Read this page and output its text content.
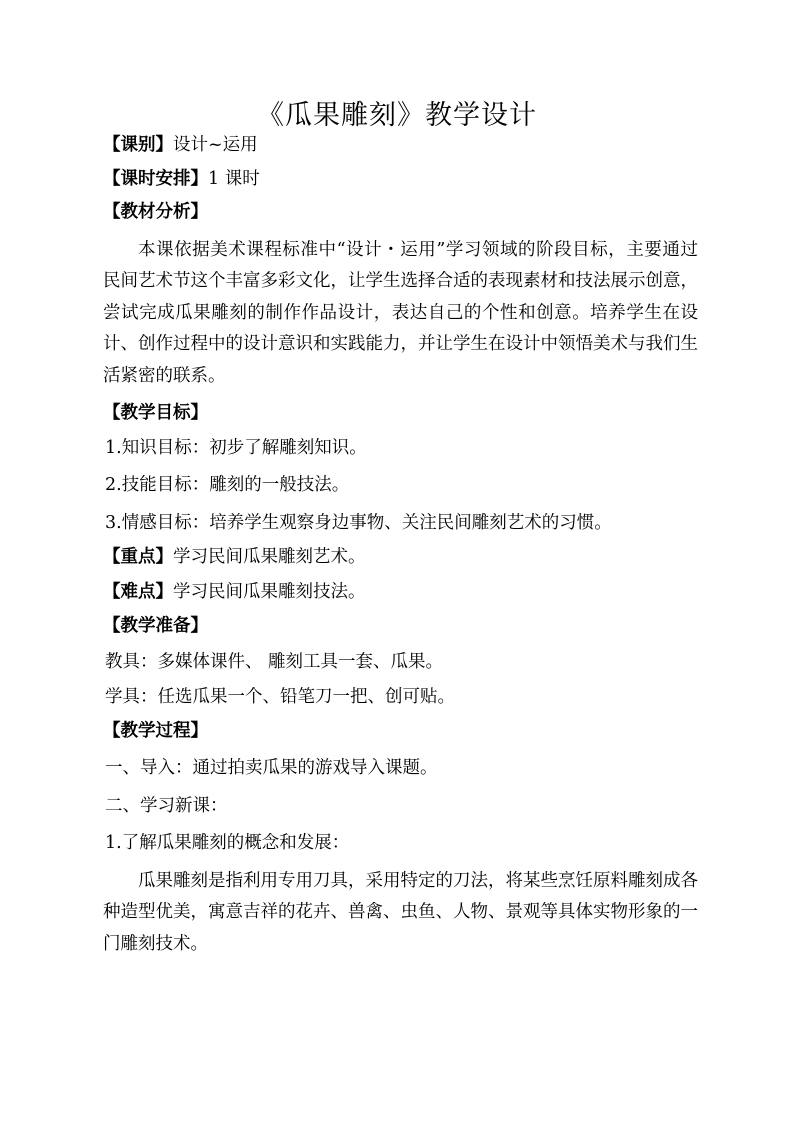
《瓜果雕刻》教学设计
【课别】设计~运用
【课时安排】1 课时
【教材分析】

本课依据美术课程标准中“设计・运用”学习领域的阶段目标，主要通过民间艺术节这个丰富多彩文化，让学生选择合适的表现素材和技法展示创意，尝试完成瓜果雕刻的制作作品设计，表达自己的个性和创意。培养学生在设计、创作过程中的设计意识和实践能力，并让学生在设计中领悟美术与我们生活紧密的联系。

【教学目标】
1.知识目标：初步了解雕刻知识。
2.技能目标：雕刻的一般技法。
3.情感目标：培养学生观察身边事物、关注民间雕刻艺术的习惯。
【重点】学习民间瓜果雕刻艺术。
【难点】学习民间瓜果雕刻技法。
【教学准备】
教具：多媒体课件、 雕刻工具一套、瓜果。
学具：任选瓜果一个、铅笔刀一把、创可贴。
【教学过程】
一、导入：通过拍卖瓜果的游戏导入课题。
二、学习新课：
1.了解瓜果雕刻的概念和发展：

瓜果雕刻是指利用专用刀具，采用特定的刀法，将某些烹饪原料雕刻成各种造型优美，寓意吉祥的花卉、兽禽、虫鱼、人物、景观等具体实物形象的一门雕刻技术。
